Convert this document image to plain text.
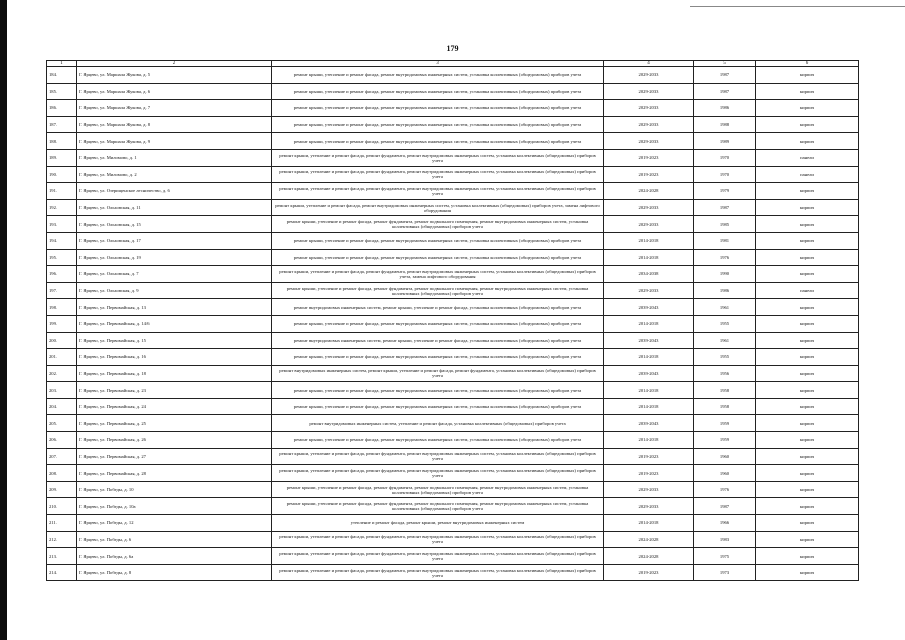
179
1	2	3	4	5	6
184.	Г. Ярцево, ул. Маршала Жукова, д. 5	ремонт крыши, утепление и ремонт фасада, ремонт внутридомовых инженерных систем, установка коллективных (общедомовых) приборов учета	2029-2033	1987	кирпич
185.	Г. Ярцево, ул. Маршала Жукова, д. 6	ремонт крыши, утепление и ремонт фасада, ремонт внутридомовых инженерных систем, установка коллективных (общедомовых) приборов учета	2029-2033	1987	кирпич
186.	Г. Ярцево, ул. Маршала Жукова, д. 7	ремонт крыши, утепление и ремонт фасада, ремонт внутридомовых инженерных систем, установка коллективных (общедомовых) приборов учета	2029-2033	1986	кирпич
187.	Г. Ярцево, ул. Маршала Жукова, д. 8	ремонт крыши, утепление и ремонт фасада, ремонт внутридомовых инженерных систем, установка коллективных (общедомовых) приборов учета	2029-2033	1988	кирпич
188.	Г. Ярцево, ул. Маршала Жукова, д. 9	ремонт крыши, утепление и ремонт фасада, ремонт внутридомовых инженерных систем, установка коллективных (общедомовых) приборов учета	2029-2033	1989	кирпич
189.	Г. Ярцево, ул. Миломово, д. 1	ремонт крыши, утепление и ремонт фасада, ремонт фундамента, ремонт внутридомовых инженерных систем, установка коллективных (общедомовых) приборов учета	2019-2023	1970	панели
190.	Г. Ярцево, ул. Миломово, д. 2	ремонт крыши, утепление и ремонт фасада, ремонт фундамента, ремонт внутридомовых инженерных систем, установка коллективных (общедомовых) приборов учета	2019-2023	1970	панели
191.	Г. Ярцево, ул. Озерищенское лесничество, д. 6	ремонт крыши, утепление и ремонт фасада, ремонт фундамента, ремонт внутридомовых инженерных систем, установка коллективных (общедомовых) приборов учета	2024-2028	1979	кирпич
192.	Г. Ярцево, ул. Ольховская, д. 11	ремонт крыши, утепление и ремонт фасада, ремонт внутридомовых инженерных систем, установка коллективных (общедомовых) приборов учета, замена лифтового оборудования	2029-2033	1987	кирпич
193.	Г. Ярцево, ул. Ольховская, д. 15	ремонт крыши, утепление и ремонт фасада, ремонт фундамента, ремонт подвального помещения, ремонт внутридомовых инженерных систем, установка коллективных (общедомовых) приборов учета	2029-2033	1985	кирпич
194.	Г. Ярцево, ул. Ольховская, д. 17	ремонт крыши, утепление и ремонт фасада, ремонт внутридомовых инженерных систем, установка коллективных (общедомовых) приборов учета	2014-2018	1981	кирпич
195.	Г. Ярцево, ул. Ольховская, д. 19	ремонт крыши, утепление и ремонт фасада, ремонт внутридомовых инженерных систем, установка коллективных (общедомовых) приборов учета	2014-2018	1976	кирпич
196.	Г. Ярцево, ул. Ольховская, д. 7	ремонт крыши, утепление и ремонт фасада, ремонт фундамента, ремонт внутридомовых инженерных систем, установка коллективных (общедомовых) приборов учета, замена лифтового оборудования	2034-2038	1990	кирпич
197.	Г. Ярцево, ул. Ольховская, д. 9	ремонт крыши, утепление и ремонт фасада, ремонт фундамента, ремонт подвального помещения, ремонт внутридомовых инженерных систем, установка коллективных (общедомовых) приборов учета	2029-2033	1986	панели
198.	Г. Ярцево, ул. Первомайская, д. 13	ремонт внутридомовых инженерных систем, ремонт крыши, утепление и ремонт фасада, установка коллективных (общедомовых) приборов учета	2039-2043	1961	кирпич
199.	Г. Ярцево, ул. Первомайская, д. 14/6	ремонт крыши, утепление и ремонт фасада, ремонт внутридомовых инженерных систем, установка коллективных (общедомовых) приборов учета	2014-2018	1955	кирпич
200.	Г. Ярцево, ул. Первомайская, д. 15	ремонт внутридомовых инженерных систем, ремонт крыши, утепление и ремонт фасада, установка коллективных (общедомовых) приборов учета	2039-2043	1961	кирпич
201.	Г. Ярцево, ул. Первомайская, д. 16	ремонт крыши, утепление и ремонт фасада, ремонт внутридомовых инженерных систем, установка коллективных (общедомовых) приборов учета	2014-2018	1955	кирпич
202.	Г. Ярцево, ул. Первомайская, д. 18	ремонт внутридомовых инженерных систем, ремонт крыши, утепление и ремонт фасада, ремонт фундамента, установка коллективных (общедомовых) приборов учета	2039-2043	1956	кирпич
203.	Г. Ярцево, ул. Первомайская, д. 23	ремонт крыши, утепление и ремонт фасада, ремонт внутридомовых инженерных систем, установка коллективных (общедомовых) приборов учета	2014-2018	1958	кирпич
204.	Г. Ярцево, ул. Первомайская, д. 24	ремонт крыши, утепление и ремонт фасада, ремонт внутридомовых инженерных систем, установка коллективных (общедомовых) приборов учета	2014-2018	1958	кирпич
205.	Г. Ярцево, ул. Первомайская, д. 25	ремонт внутридомовых инженерных систем, утепление и ремонт фасада, установка коллективных (общедомовых) приборов учета	2039-2043	1959	кирпич
206.	Г. Ярцево, ул. Первомайская, д. 26	ремонт крыши, утепление и ремонт фасада, ремонт внутридомовых инженерных систем, установка коллективных (общедомовых) приборов учета	2014-2018	1959	кирпич
207.	Г. Ярцево, ул. Первомайская, д. 27	ремонт крыши, утепление и ремонт фасада, ремонт фундамента, ремонт внутридомовых инженерных систем, установка коллективных (общедомовых) приборов учета	2019-2023	1960	кирпич
208.	Г. Ярцево, ул. Первомайская, д. 28	ремонт крыши, утепление и ремонт фасада, ремонт фундамента, ремонт внутридомовых инженерных систем, установка коллективных (общедомовых) приборов учета	2019-2023	1960	кирпич
209.	Г. Ярцево, ул. Победы, д. 10	ремонт крыши, утепление и ремонт фасада, ремонт фундамента, ремонт подвального помещения, ремонт внутридомовых инженерных систем, установка коллективных (общедомовых) приборов учета	2029-2033	1976	кирпич
210.	Г. Ярцево, ул. Победы, д. 10а	ремонт крыши, утепление и ремонт фасада, ремонт фундамента, ремонт подвального помещения, ремонт внутридомовых инженерных систем, установка коллективных (общедомовых) приборов учета	2029-2033	1987	кирпич
211.	Г. Ярцево, ул. Победы, д. 12	утепление и ремонт фасада, ремонт крыши, ремонт внутридомовых инженерных систем	2014-2018	1966	кирпич
212.	Г. Ярцево, ул. Победы, д. 6	ремонт крыши, утепление и ремонт фасада, ремонт фундамента, ремонт внутридомовых инженерных систем, установка коллективных (общедомовых) приборов учета	2024-2028	1983	кирпич
213.	Г. Ярцево, ул. Победы, д. 6а	ремонт крыши, утепление и ремонт фасада, ремонт фундамента, ремонт внутридомовых инженерных систем, установка коллективных (общедомовых) приборов учета	2024-2028	1975	кирпич
214.	Г. Ярцево, ул. Победы, д. 8	ремонт крыши, утепление и ремонт фасада, ремонт фундамента, ремонт внутридомовых инженерных систем, установка коллективных (общедомовых) приборов учета	2019-2023	1973	кирпич
